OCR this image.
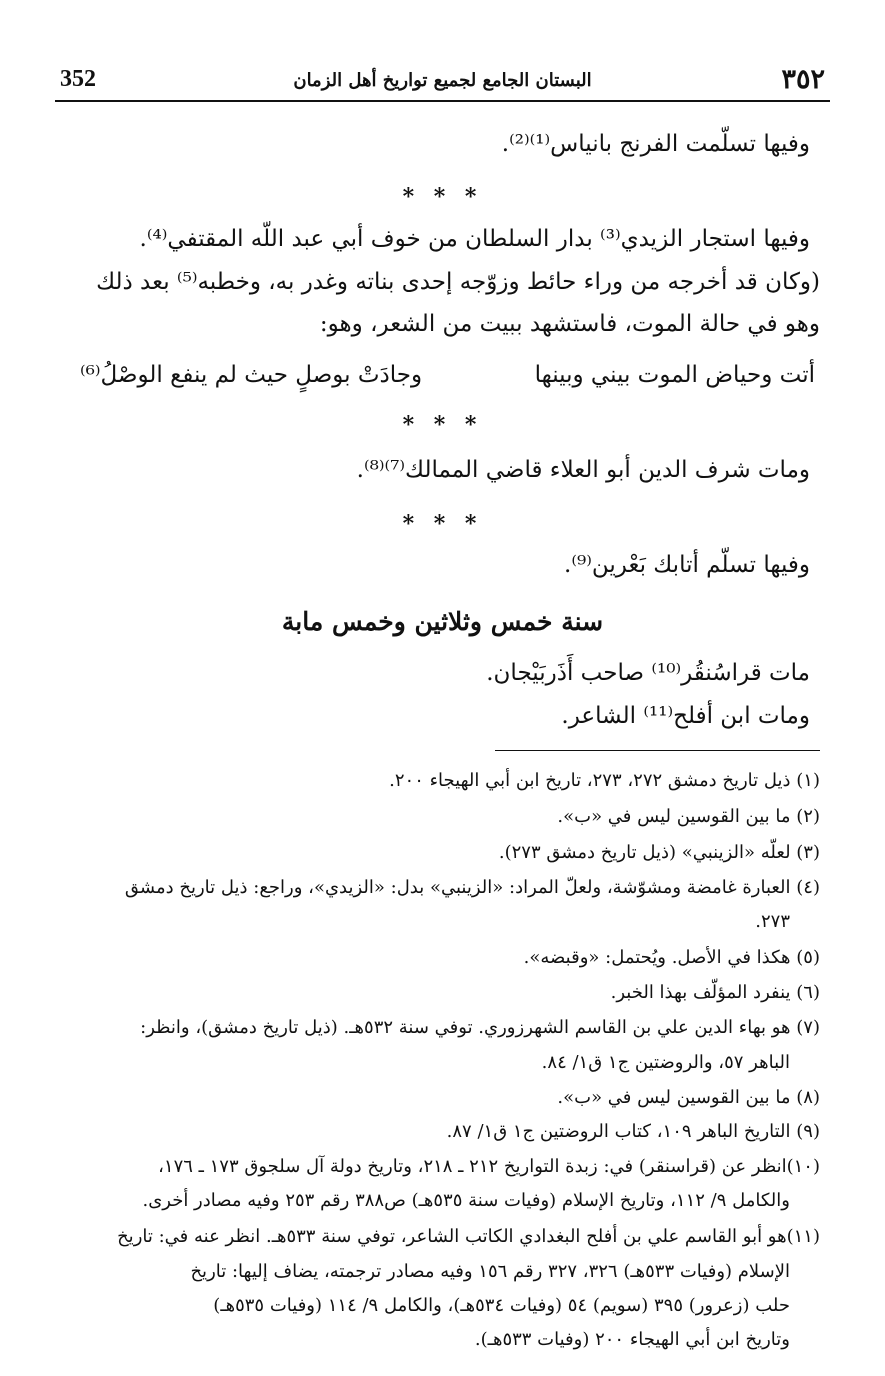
352	البستان الجامع لجميع تواريخ أهل الزمان	٣٥٢
وفيها تسلّمت الفرنج بانياس⁽¹⁾⁽²⁾.
* * *
وفيها استجار الزيدي⁽³⁾ بدار السلطان من خوف أبي عبد اللّه المقتفي⁽⁴⁾.
(وكان قد أخرجه من وراء حائط وزوّجه إحدى بناته وغدر به، وخطبه⁽⁵⁾ بعد ذلك
وهو في حالة الموت، فاستشهد ببيت من الشعر، وهو:
أتت وحياض الموت بيني وبينها
وجادَتْ بوصلٍ حيث لم ينفع الوصْلُ⁽⁶⁾
* * *
ومات شرف الدين أبو العلاء قاضي الممالك⁽⁷⁾⁽⁸⁾.
* * *
وفيها تسلّم أتابك بَعْرين⁽⁹⁾.
سنة خمس وثلاثين وخمس مابة
مات قراسُنقُر⁽¹⁰⁾ صاحب أَذَربَيْجان.
ومات ابن أفلح⁽¹¹⁾ الشاعر.
(١) ذيل تاريخ دمشق ٢٧٢، ٢٧٣، تاريخ ابن أبي الهيجاء ٢٠٠.
(٢) ما بين القوسين ليس في «ب».
(٣) لعلّه «الزينبي» (ذيل تاريخ دمشق ٢٧٣).
(٤) العبارة غامضة ومشوّشة، ولعلّ المراد: «الزينبي» بدل: «الزيدي»، وراجع: ذيل تاريخ دمشق
٢٧٣.
(٥) هكذا في الأصل. ويُحتمل: «وقبضه».
(٦) ينفرد المؤلّف بهذا الخبر.
(٧) هو بهاء الدين علي بن القاسم الشهرزوري. توفي سنة ٥٣٢هـ. (ذيل تاريخ دمشق)، وانظر:
الباهر ٥٧، والروضتين ج١ ق١/ ٨٤.
(٨) ما بين القوسين ليس في «ب».
(٩) التاريخ الباهر ١٠٩، كتاب الروضتين ج١ ق١/ ٨٧.
(١٠)انظر عن (قراسنقر) في: زبدة التواريخ ٢١٢ ـ ٢١٨، وتاريخ دولة آل سلجوق ١٧٣ ـ ١٧٦،
والكامل ٩/ ١١٢، وتاريخ الإسلام (وفيات سنة ٥٣٥هـ) ص٣٨٨ رقم ٢٥٣ وفيه مصادر أخرى.
(١١)هو أبو القاسم علي بن أفلح البغدادي الكاتب الشاعر، توفي سنة ٥٣٣هـ. انظر عنه في: تاريخ
الإسلام (وفيات ٥٣٣هـ) ٣٢٦، ٣٢٧ رقم ١٥٦ وفيه مصادر ترجمته، يضاف إليها: تاريخ
حلب (زعرور) ٣٩٥ (سويم) ٥٤ (وفيات ٥٣٤هـ)، والكامل ٩/ ١١٤ (وفيات ٥٣٥هـ)
وتاريخ ابن أبي الهيجاء ٢٠٠ (وفيات ٥٣٣هـ).
